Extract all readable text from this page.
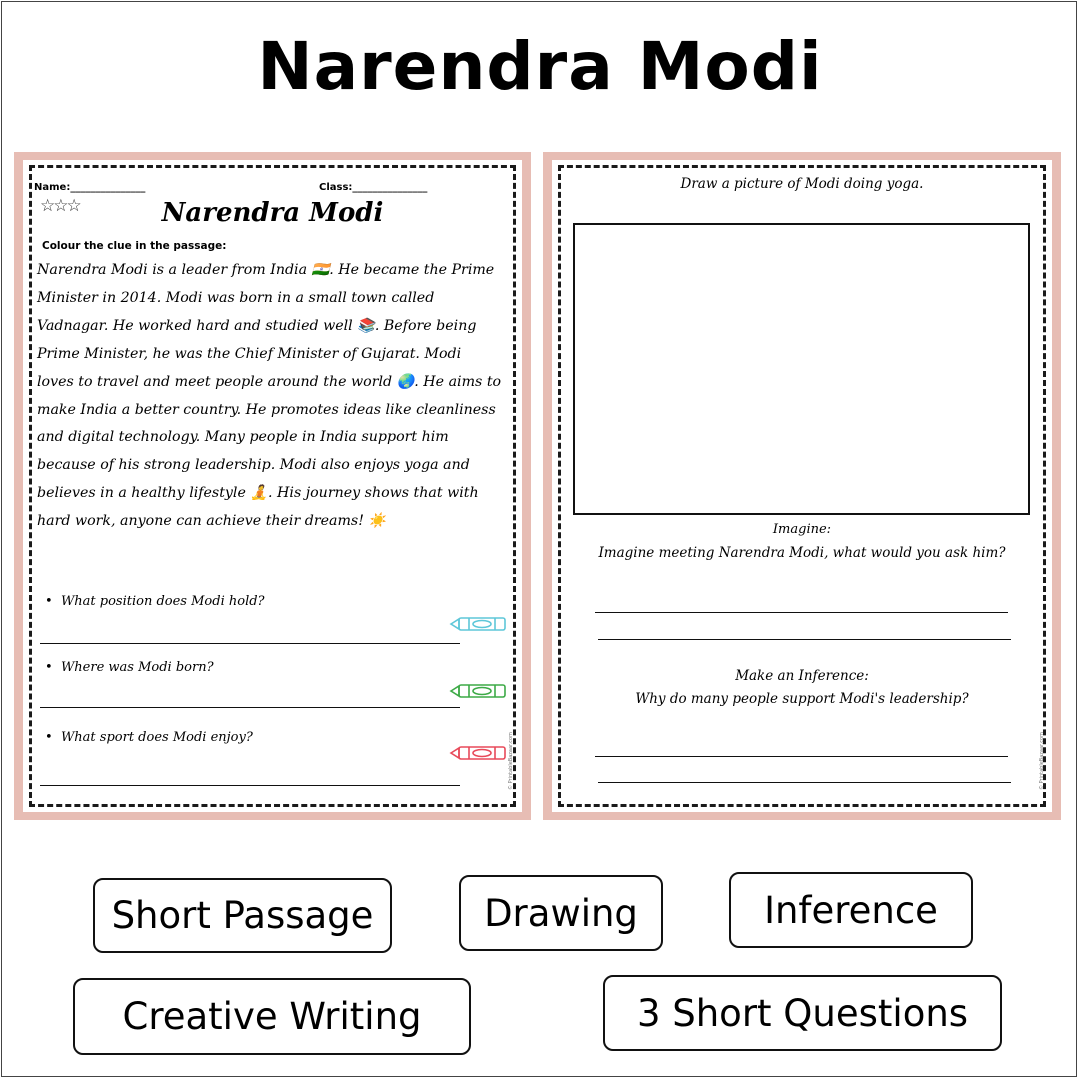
Narendra Modi
Name:_______________	Class:_______________
☆☆☆	Narendra Modi
Colour the clue in the passage:
Narendra Modi is a leader from India 🇮🇳. He became the Prime
Minister in 2014. Modi was born in a small town called
Vadnagar. He worked hard and studied well 📚. Before being
Prime Minister, he was the Chief Minister of Gujarat. Modi
loves to travel and meet people around the world 🌏. He aims to
make India a better country. He promotes ideas like cleanliness
and digital technology. Many people in India support him
because of his strong leadership. Modi also enjoys yoga and
believes in a healthy lifestyle 🧘. His journey shows that with
hard work, anyone can achieve their dreams! ☀️
•  What position does Modi hold?
•  Where was Modi born?
•  What sport does Modi enjoy?	© PrintableBazaar.com
Draw a picture of Modi doing yoga.
Imagine:
Imagine meeting Narendra Modi, what would you ask him?
Make an Inference:
Why do many people support Modi's leadership?
© PrintableBazaar.com
Short Passage	Drawing	Inference
Creative Writing	3 Short Questions
